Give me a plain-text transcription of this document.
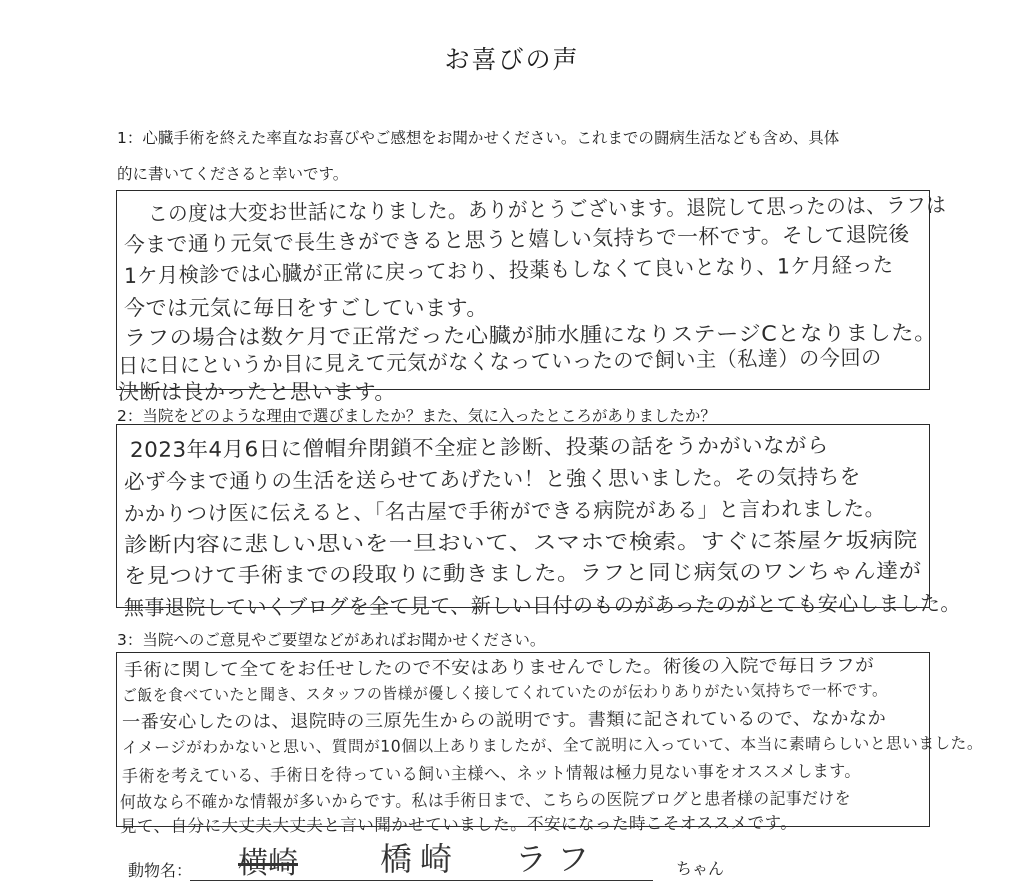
お喜びの声
1：心臓手術を終えた率直なお喜びやご感想をお聞かせください。これまでの闘病生活なども含め、具体
的に書いてくださると幸いです。
この度は大変お世話になりました。ありがとうございます。退院して思ったのは、ラフは
今まで通り元気で長生きができると思うと嬉しい気持ちで一杯です。そして退院後
1ケ月検診では心臓が正常に戻っており、投薬もしなくて良いとなり、1ケ月経った
今では元気に毎日をすごしています。
ラフの場合は数ケ月で正常だった心臓が肺水腫になりステージCとなりました。
日に日にというか目に見えて元気がなくなっていったので飼い主（私達）の今回の
決断は良かったと思います。
2：当院をどのような理由で選びましたか？また、気に入ったところがありましたか？
2023年4月6日に僧帽弁閉鎖不全症と診断、投薬の話をうかがいながら
必ず今まで通りの生活を送らせてあげたい！と強く思いました。その気持ちを
かかりつけ医に伝えると、「名古屋で手術ができる病院がある」と言われました。
診断内容に悲しい思いを一旦おいて、スマホで検索。すぐに茶屋ケ坂病院
を見つけて手術までの段取りに動きました。ラフと同じ病気のワンちゃん達が
無事退院していくブログを全て見て、新しい日付のものがあったのがとても安心しました。
3：当院へのご意見やご要望などがあればお聞かせください。
手術に関して全てをお任せしたので不安はありませんでした。術後の入院で毎日ラフが
ご飯を食べていたと聞き、スタッフの皆様が優しく接してくれていたのが伝わりありがたい気持ちで一杯です。
一番安心したのは、退院時の三原先生からの説明です。書類に記されているので、なかなか
イメージがわかないと思い、質問が10個以上ありましたが、全て説明に入っていて、本当に素晴らしいと思いました。
手術を考えている、手術日を待っている飼い主様へ、ネット情報は極力見ない事をオススメします。
何故なら不確かな情報が多いからです。私は手術日まで、こちらの医院ブログと患者様の記事だけを
見て、自分に大丈夫大丈夫と言い聞かせていました。不安になった時こそオススメです。
動物名： 横崎	橋崎 ラフ	ちゃん
